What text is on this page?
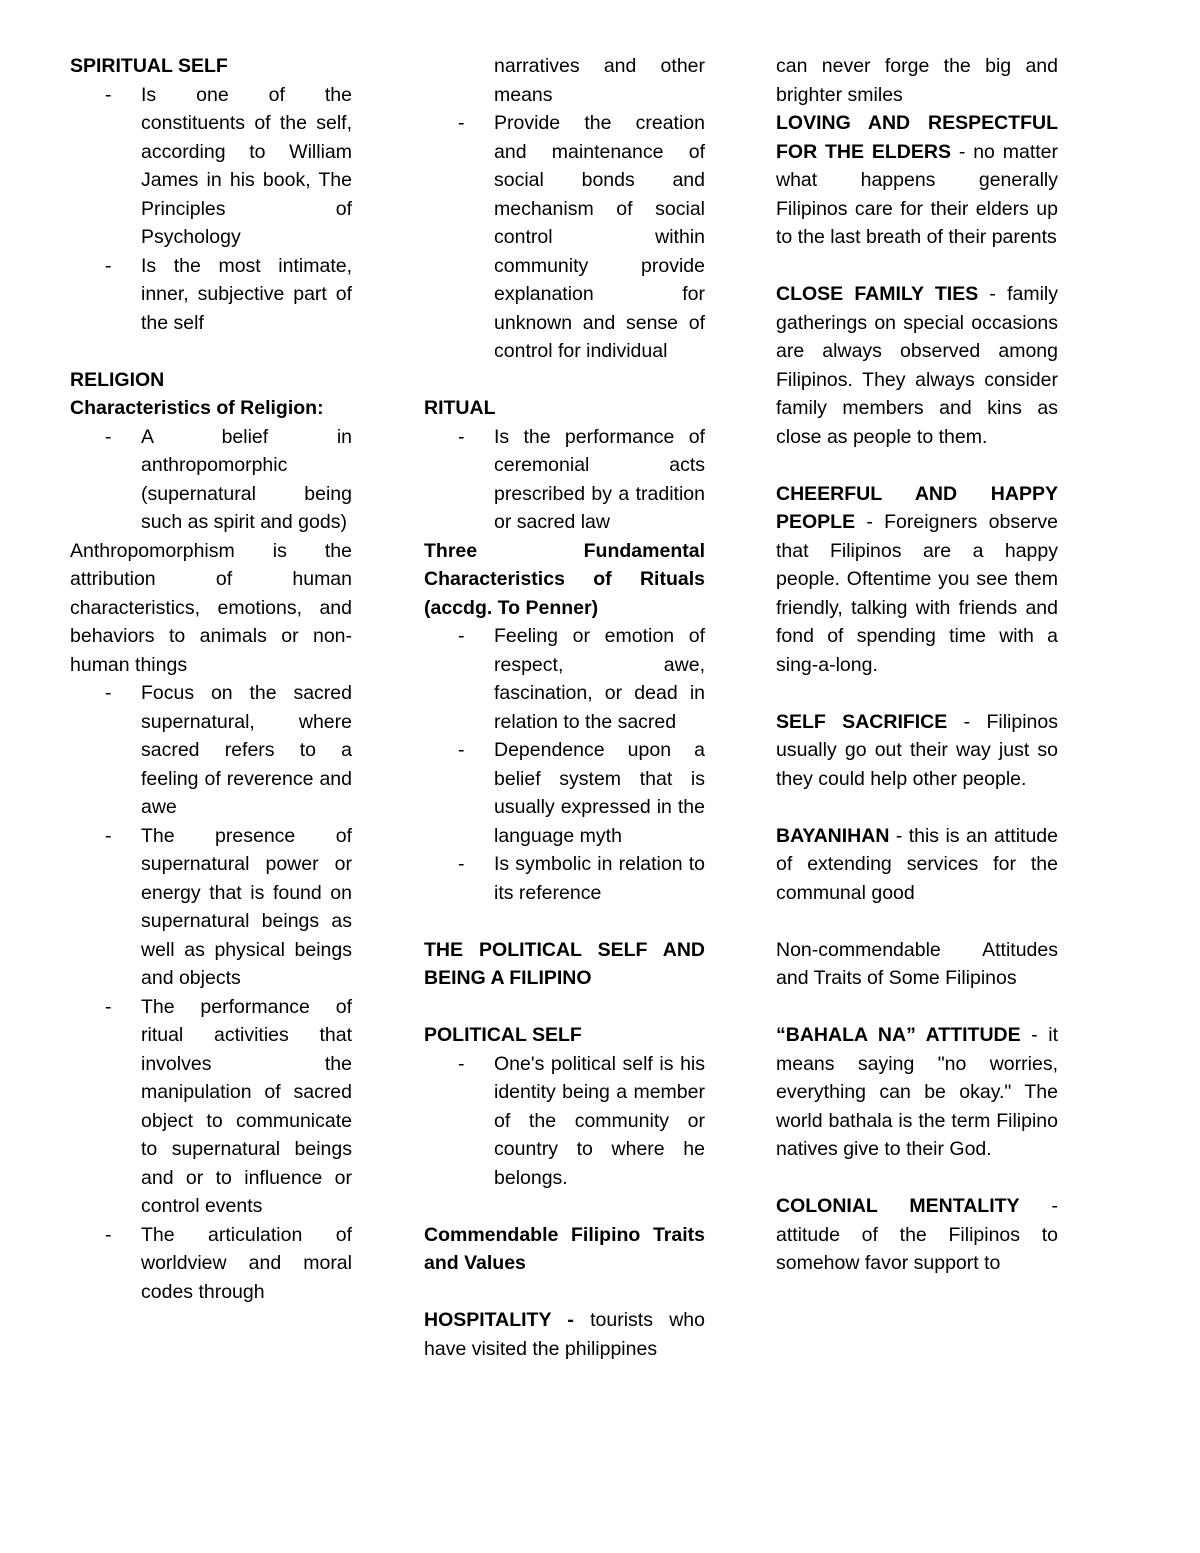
SPIRITUAL SELF

- Is one of the constituents of the self, according to William James in his book, The Principles of Psychology
- Is the most intimate, inner, subjective part of the self

RELIGION

Characteristics of Religion:

- A belief in anthropomorphic (supernatural being such as spirit and gods)

Anthropomorphism is the attribution of human characteristics, emotions, and behaviors to animals or non-human things

- Focus on the sacred supernatural, where sacred refers to a feeling of reverence and awe
- The presence of supernatural power or energy that is found on supernatural beings as well as physical beings and objects
- The performance of ritual activities that involves the manipulation of sacred object to communicate to supernatural beings and or to influence or control events
- The articulation of worldview and moral codes through
narratives and other means
- Provide the creation and maintenance of social bonds and mechanism of social control within community provide explanation for unknown and sense of control for individual

RITUAL

- Is the performance of ceremonial acts prescribed by a tradition or sacred law

Three Fundamental Characteristics of Rituals (accdg. To Penner)

- Feeling or emotion of respect, awe, fascination, or dead in relation to the sacred
- Dependence upon a belief system that is usually expressed in the language myth
- Is symbolic in relation to its reference

THE POLITICAL SELF AND BEING A FILIPINO

POLITICAL SELF

- One's political self is his identity being a member of the community or country to where he belongs.

Commendable Filipino Traits and Values

HOSPITALITY - tourists who have visited the philippines

can never forge the big and brighter smiles

LOVING AND RESPECTFUL FOR THE ELDERS - no matter what happens generally Filipinos care for their elders up to the last breath of their parents

CLOSE FAMILY TIES - family gatherings on special occasions are always observed among Filipinos. They always consider family members and kins as close as people to them.

CHEERFUL AND HAPPY PEOPLE - Foreigners observe that Filipinos are a happy people. Oftentime you see them friendly, talking with friends and fond of spending time with a sing-a-long.

SELF SACRIFICE - Filipinos usually go out their way just so they could help other people.

BAYANIHAN - this is an attitude of extending services for the communal good

Non-commendable Attitudes and Traits of Some Filipinos

“BAHALA NA” ATTITUDE - it means saying "no worries, everything can be okay." The world bathala is the term Filipino natives give to their God.

COLONIAL MENTALITY - attitude of the Filipinos to somehow favor support to
